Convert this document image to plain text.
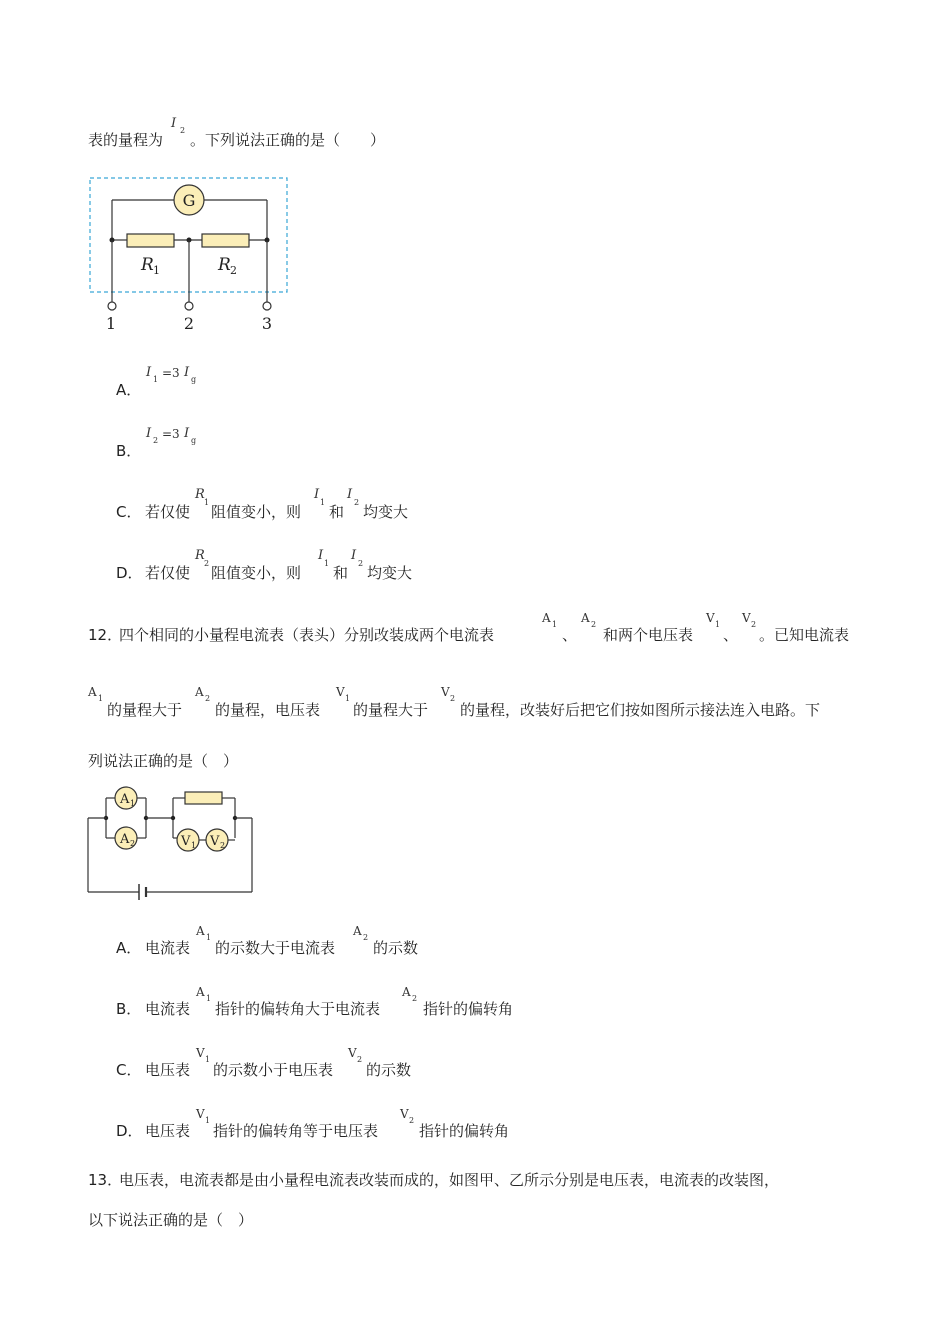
表的量程为
I 2
。下列说法正确的是（　　）
G
R 1	R 2
1	2	3
A．
I 1 =3 I g
B．
I 2 =3 I g
C． 若仅使
R
1
阻值变小，则
I
1
和
I
2
均变大
D． 若仅使
R
2
阻值变小，则
I
1
和
I
2
均变大
12．
四个相同的小量程电流表（表头）分别改装成两个电流表
A 1
、
A 2
和两个电压表
V 1
、
V 2
。已知电流表
A 1
的量程大于
A 2
的量程，电压表
V 1
的量程大于
V 2
的量程，改装好后把它们按如图所示接法连入电路。下
列说法正确的是（　）
A 1
A 2	V 1 V 2
A． 电流表
A 1
的示数大于电流表
A 2
的示数
B． 电流表
A 1
指针的偏转角大于电流表
A 2
指针的偏转角
C． 电压表
V 1
的示数小于电压表
V 2
的示数
D． 电压表
V 1
指针的偏转角等于电压表
V 2
指针的偏转角
13．
电压表，电流表都是由小量程电流表改装而成的，如图甲、乙所示分别是电压表，电流表的改装图，
以下说法正确的是（　）
